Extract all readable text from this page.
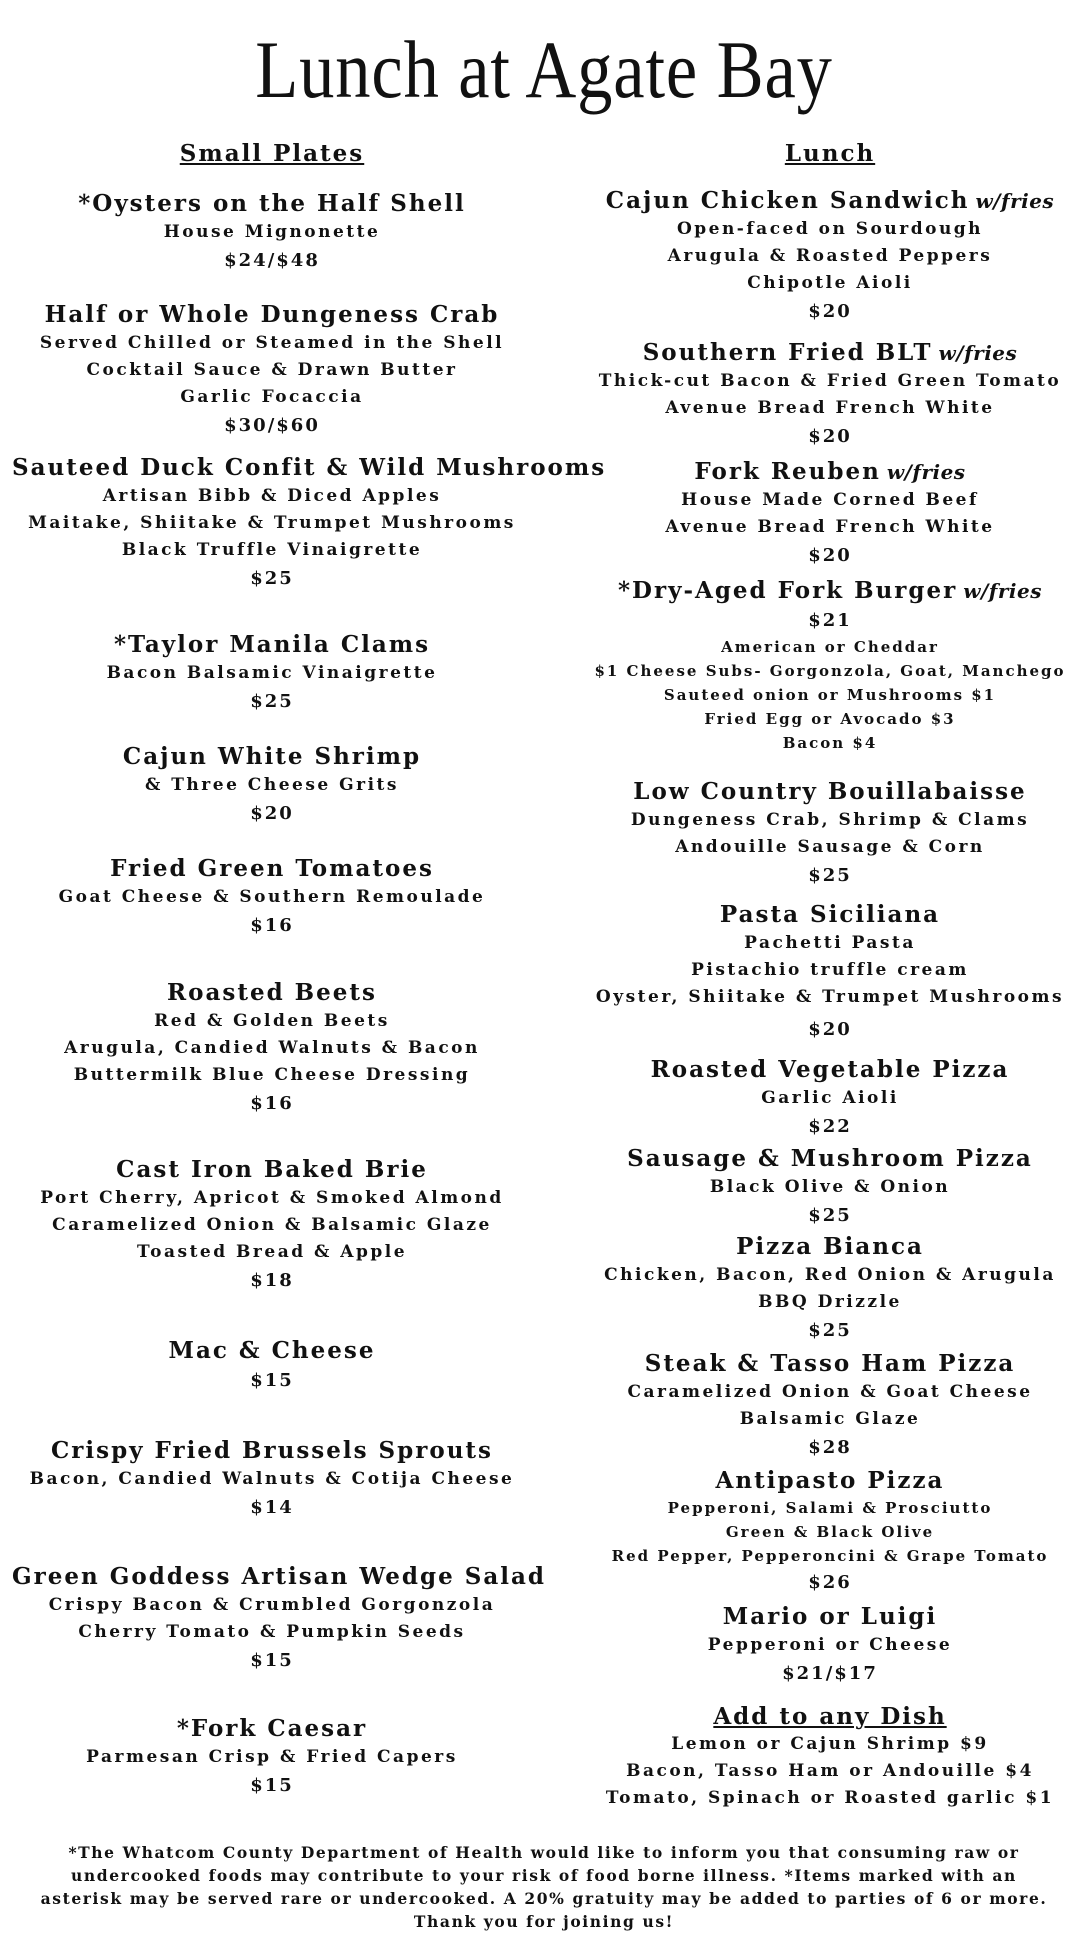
Lunch at Agate Bay
Small Plates
*Oysters on the Half Shell
House Mignonette
$24/$48
Half or Whole Dungeness Crab
Served Chilled or Steamed in the Shell
Cocktail Sauce & Drawn Butter
Garlic Focaccia
$30/$60
Sauteed Duck Confit & Wild Mushrooms
Artisan Bibb & Diced Apples
Maitake, Shiitake & Trumpet Mushrooms
Black Truffle Vinaigrette
$25
*Taylor Manila Clams
Bacon Balsamic Vinaigrette
$25
Cajun White Shrimp
& Three Cheese Grits
$20
Fried Green Tomatoes
Goat Cheese & Southern Remoulade
$16
Roasted Beets
Red & Golden Beets
Arugula, Candied Walnuts & Bacon
Buttermilk Blue Cheese Dressing
$16
Cast Iron Baked Brie
Port Cherry, Apricot & Smoked Almond
Caramelized Onion & Balsamic Glaze
Toasted Bread & Apple
$18
Mac & Cheese
$15
Crispy Fried Brussels Sprouts
Bacon, Candied Walnuts & Cotija Cheese
$14
Green Goddess Artisan Wedge Salad
Crispy Bacon & Crumbled Gorgonzola
Cherry Tomato & Pumpkin Seeds
$15
*Fork Caesar
Parmesan Crisp & Fried Capers
$15
Lunch
Cajun Chicken Sandwich w/fries
Open-faced on Sourdough
Arugula & Roasted Peppers
Chipotle Aioli
$20
Southern Fried BLT w/fries
Thick-cut Bacon & Fried Green Tomato
Avenue Bread French White
$20
Fork Reuben w/fries
House Made Corned Beef
Avenue Bread French White
$20
*Dry-Aged Fork Burger w/fries
$21
American or Cheddar
$1 Cheese Subs- Gorgonzola, Goat, Manchego
Sauteed onion or Mushrooms $1
Fried Egg or Avocado $3
Bacon $4
Low Country Bouillabaisse
Dungeness Crab, Shrimp & Clams
Andouille Sausage & Corn
$25
Pasta Siciliana
Pachetti Pasta
Pistachio truffle cream
Oyster, Shiitake & Trumpet Mushrooms
$20
Roasted Vegetable Pizza
Garlic Aioli
$22
Sausage & Mushroom Pizza
Black Olive & Onion
$25
Pizza Bianca
Chicken, Bacon, Red Onion & Arugula
BBQ Drizzle
$25
Steak & Tasso Ham Pizza
Caramelized Onion & Goat Cheese
Balsamic Glaze
$28
Antipasto Pizza
Pepperoni, Salami & Prosciutto
Green & Black Olive
Red Pepper, Pepperoncini & Grape Tomato
$26
Mario or Luigi
Pepperoni or Cheese
$21/$17
Add to any Dish
Lemon or Cajun Shrimp $9
Bacon, Tasso Ham or Andouille $4
Tomato, Spinach or Roasted garlic $1
*The Whatcom County Department of Health would like to inform you that consuming raw or undercooked foods may contribute to your risk of food borne illness. *Items marked with an asterisk may be served rare or undercooked. A 20% gratuity may be added to parties of 6 or more. Thank you for joining us!
